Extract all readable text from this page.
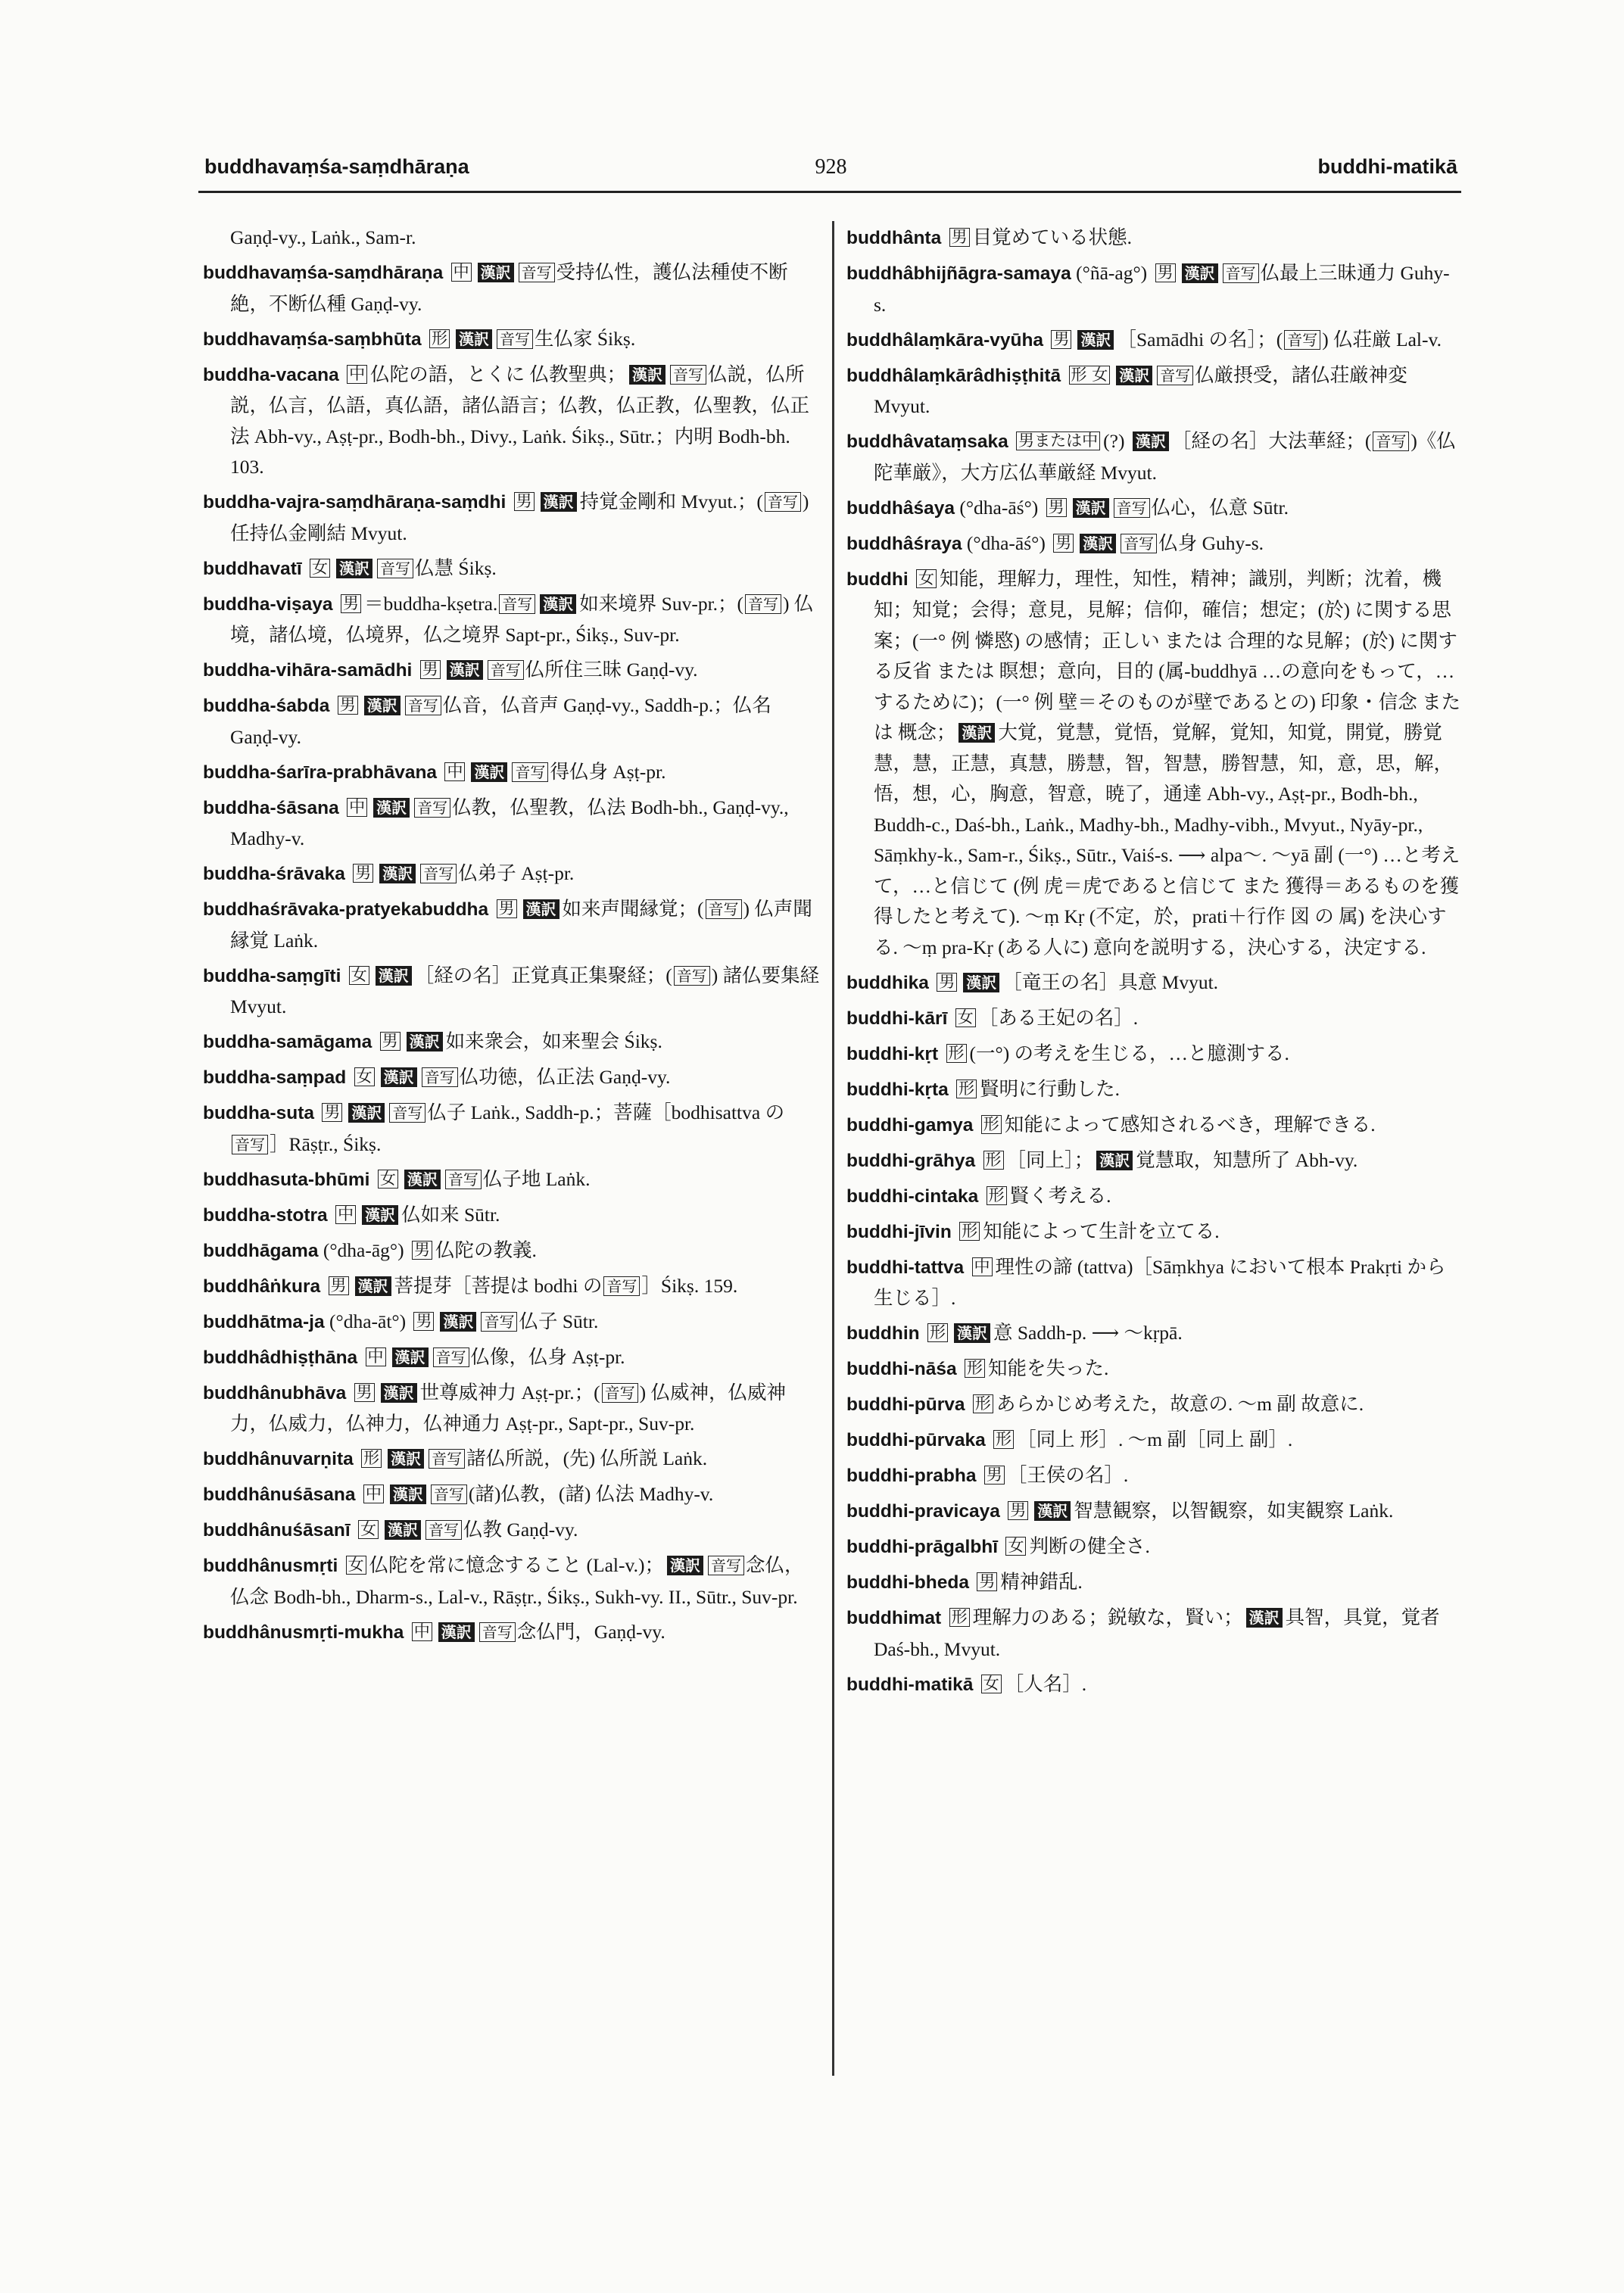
buddhavaṃśa-saṃdhāraṇa	928	buddhi-matikā
Gaṇḍ-vy., Laṅk., Sam-r.
buddhavaṃśa-saṃdhāraṇa 中 漢訳 音写 受持仏性，護仏法種使不断絶，不断仏種 Gaṇḍ-vy.
buddhavaṃśa-saṃbhūta 形 漢訳 音写 生仏家 Śikṣ.
buddha-vacana 中 仏陀の語，とくに 仏教聖典； 漢訳 音写 仏説，仏所説，仏言，仏語，真仏語，諸仏語言；仏教，仏正教，仏聖教，仏正法 Abh-vy., Aṣṭ-pr., Bodh-bh., Divy., Laṅk. Śikṣ., Sūtr.；内明 Bodh-bh. 103.
buddha-vajra-saṃdhāraṇa-saṃdhi 男 漢訳 持覚金剛和 Mvyut.；( 音写 ) 任持仏金剛結 Mvyut.
buddhavatī 女 漢訳 音写 仏慧 Śikṣ.
buddha-viṣaya 男 ＝buddha-kṣetra. 音写 漢訳 如来境界 Suv-pr.；( 音写 ) 仏境，諸仏境，仏境界，仏之境界 Sapt-pr., Śikṣ., Suv-pr.
buddha-vihāra-samādhi 男 漢訳 音写 仏所住三昧 Gaṇḍ-vy.
buddha-śabda 男 漢訳 音写 仏音，仏音声 Gaṇḍ-vy., Saddh-p.；仏名 Gaṇḍ-vy.
buddha-śarīra-prabhāvana 中 漢訳 音写 得仏身 Aṣṭ-pr.
buddha-śāsana 中 漢訳 音写 仏教，仏聖教，仏法 Bodh-bh., Gaṇḍ-vy., Madhy-v.
buddha-śrāvaka 男 漢訳 音写 仏弟子 Aṣṭ-pr.
buddhaśrāvaka-pratyekabuddha 男 漢訳 如来声聞縁覚；( 音写 ) 仏声聞縁覚 Laṅk.
buddha-saṃgīti 女 漢訳 ［経の名］正覚真正集聚経；( 音写 ) 諸仏要集経 Mvyut.
buddha-samāgama 男 漢訳 如来衆会，如来聖会 Śikṣ.
buddha-saṃpad 女 漢訳 音写 仏功徳，仏正法 Gaṇḍ-vy.
buddha-suta 男 漢訳 音写 仏子 Laṅk., Saddh-p.；菩薩［bodhisattva の音写 ］Rāṣṭr., Śikṣ.
buddhasuta-bhūmi 女 漢訳 音写 仏子地 Laṅk.
buddha-stotra 中 漢訳 仏如来 Sūtr.
buddhāgama (°dha-āg°) 男 仏陀の教義.
buddhâṅkura 男 漢訳 菩提芽［菩提は bodhi の 音写 ］Śikṣ. 159.
buddhātma-ja (°dha-āt°) 男 漢訳 音写 仏子 Sūtr.
buddhâdhiṣṭhāna 中 漢訳 音写 仏像，仏身 Aṣṭ-pr.
buddhânubhāva 男 漢訳 世尊威神力 Aṣṭ-pr.；( 音写 ) 仏威神，仏威神力，仏威力，仏神力，仏神通力 Aṣṭ-pr., Sapt-pr., Suv-pr.
buddhânuvarṇita 形 漢訳 音写 諸仏所説，(先) 仏所説 Laṅk.
buddhânuśāsana 中 漢訳 音写 (諸)仏教，(諸) 仏法 Madhy-v.
buddhânuśāsanī 女 漢訳 音写 仏教 Gaṇḍ-vy.
buddhânusmṛti 女 仏陀を常に憶念すること (Lal-v.)； 漢訳 音写 念仏，仏念 Bodh-bh., Dharm-s., Lal-v., Rāṣṭr., Śikṣ., Sukh-vy. II., Sūtr., Suv-pr.
buddhânusmṛti-mukha 中 漢訳 音写 念仏門，Gaṇḍ-vy.
buddhânta 男 目覚めている状態.
buddhâbhijñāgra-samaya (°ñā-ag°) 男 漢訳 音写 仏最上三昧通力 Guhy-s.
buddhâlaṃkāra-vyūha 男 漢訳 ［Samādhi の名］；( 音写 ) 仏荘厳 Lal-v.
buddhâlaṃkārâdhiṣṭhitā 形 女 漢訳 音写 仏厳摂受，諸仏荘厳神変 Mvyut.
buddhâvataṃsaka 男または中 (?) 漢訳 ［経の名］大法華経；( 音写 )《仏陀華厳》，大方広仏華厳経 Mvyut.
buddhâśaya (°dha-āś°) 男 漢訳 音写 仏心，仏意 Sūtr.
buddhâśraya (°dha-āś°) 男 漢訳 音写 仏身 Guhy-s.
buddhi 女 知能，理解力，理性，知性，精神；識別，判断；沈着，機知；知覚；会得；意見，見解；信仰，確信；想定；(於) に関する思案；(一° 例 憐愍) の感情；正しい または 合理的な見解；(於) に関する反省 または 瞑想；意向，目的 (属-buddhyā …の意向をもって，…するために)；(一° 例 壁＝そのものが壁であるとの) 印象・信念 または 概念； 漢訳 大覚，覚慧，覚悟，覚解，覚知，知覚，開覚，勝覚慧，慧，正慧，真慧，勝慧，智，智慧，勝智慧，知，意，思，解，悟，想，心，胸意，智意，暁了，通達 Abh-vy., Aṣṭ-pr., Bodh-bh., Buddh-c., Daś-bh., Laṅk., Madhy-bh., Madhy-vibh., Mvyut., Nyāy-pr., Sāṃkhy-k., Sam-r., Śikṣ., Sūtr., Vaiś-s. ⟶ alpa～. ～yā 副 (一°) …と考えて，…と信じて (例 虎＝虎であると信じて また 獲得＝あるものを獲得したと考えて). ～ṃ Kṛ (不定，於，prati＋行作 図 の 属) を決心する. ～ṃ pra-Kṛ (ある人に) 意向を説明する，決心する，決定する.
buddhika 男 漢訳 ［竜王の名］具意 Mvyut.
buddhi-kārī 女 ［ある王妃の名］.
buddhi-kṛt 形 (一°) の考えを生じる，…と臆測する.
buddhi-kṛta 形 賢明に行動した.
buddhi-gamya 形 知能によって感知されるべき，理解できる.
buddhi-grāhya 形 ［同上］； 漢訳 覚慧取，知慧所了 Abh-vy.
buddhi-cintaka 形 賢く考える.
buddhi-jīvin 形 知能によって生計を立てる.
buddhi-tattva 中 理性の諦 (tattva)［Sāṃkhya において根本 Prakṛti から生じる］.
buddhin 形 漢訳 意 Saddh-p. ⟶ ～kṛpā.
buddhi-nāśa 形 知能を失った.
buddhi-pūrva 形 あらかじめ考えた，故意の. ～m 副 故意に.
buddhi-pūrvaka 形 ［同上 形］. ～m 副［同上 副］.
buddhi-prabha 男 ［王侯の名］.
buddhi-pravicaya 男 漢訳 智慧観察，以智観察，如実観察 Laṅk.
buddhi-prāgalbhī 女 判断の健全さ.
buddhi-bheda 男 精神錯乱.
buddhimat 形 理解力のある；鋭敏な，賢い； 漢訳 具智，具覚，覚者 Daś-bh., Mvyut.
buddhi-matikā 女 ［人名］.
